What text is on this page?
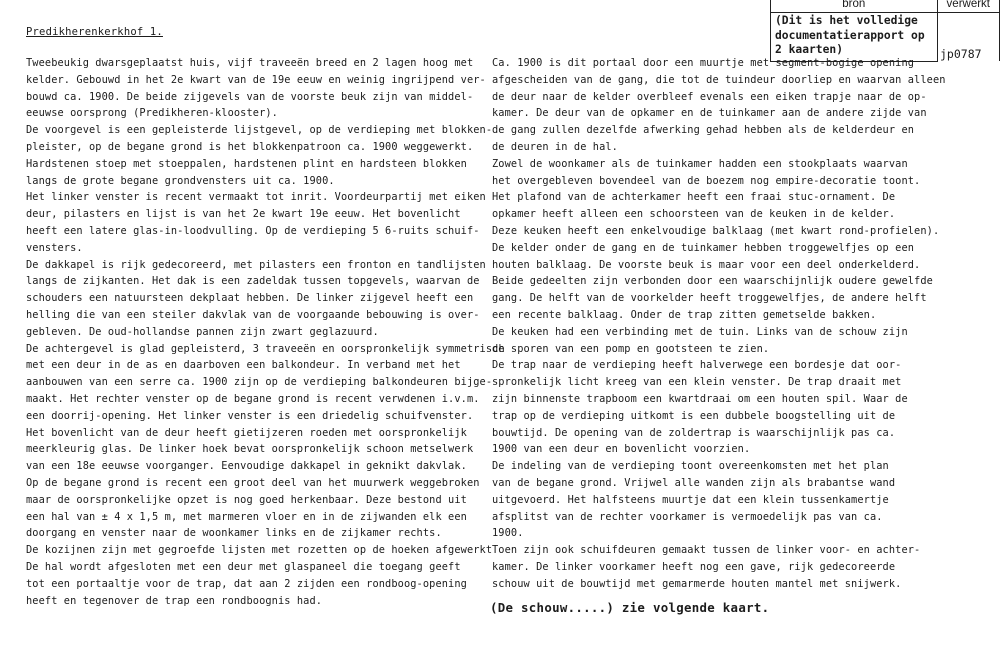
bron	verwerkt

(Dit is het volledige
documentatierapport op
2 kaarten)	
		jp0787
Predikherenkerkhof 1.
Tweebeukig dwarsgeplaatst huis, vijf traveeën breed en 2 lagen hoog met
kelder. Gebouwd in het 2e kwart van de 19e eeuw en weinig ingrijpend ver-
bouwd ca. 1900. De beide zijgevels van de voorste beuk zijn van middel-
eeuwse oorsprong (Predikheren-klooster).
De voorgevel is een gepleisterde lijstgevel, op de verdieping met blokken-
pleister, op de begane grond is het blokkenpatroon ca. 1900 weggewerkt.
Hardstenen stoep met stoeppalen, hardstenen plint en hardsteen blokken
langs de grote begane grondvensters uit ca. 1900.
Het linker venster is recent vermaakt tot inrit. Voordeurpartij met eiken
deur, pilasters en lijst is van het 2e kwart 19e eeuw. Het bovenlicht
heeft een latere glas-in-loodvulling. Op de verdieping 5 6-ruits schuif-
vensters.
De dakkapel is rijk gedecoreerd, met pilasters een fronton en tandlijsten
langs de zijkanten. Het dak is een zadeldak tussen topgevels, waarvan de
schouders een natuursteen dekplaat hebben. De linker zijgevel heeft een
helling die van een steiler dakvlak van de voorgaande bebouwing is over-
gebleven. De oud-hollandse pannen zijn zwart geglazuurd.
De achtergevel is glad gepleisterd, 3 traveeën en oorspronkelijk symmetrisch
met een deur in de as en daarboven een balkondeur. In verband met het
aanbouwen van een serre ca. 1900 zijn op de verdieping balkondeuren bijge-
maakt. Het rechter venster op de begane grond is recent verwdenen i.v.m.
een doorrij-opening. Het linker venster is een driedelig schuifvenster.
Het bovenlicht van de deur heeft gietijzeren roeden met oorspronkelijk
meerkleurig glas. De linker hoek bevat oorspronkelijk schoon metselwerk
van een 18e eeuwse voorganger. Eenvoudige dakkapel in geknikt dakvlak.
Op de begane grond is recent een groot deel van het muurwerk weggebroken
maar de oorspronkelijke opzet is nog goed herkenbaar. Deze bestond uit
een hal van ± 4 x 1,5 m, met marmeren vloer en in de zijwanden elk een
doorgang en venster naar de woonkamer links en de zijkamer rechts.
De kozijnen zijn met gegroefde lijsten met rozetten op de hoeken afgewerkt
De hal wordt afgesloten met een deur met glaspaneel die toegang geeft
tot een portaaltje voor de trap, dat aan 2 zijden een rondboog-opening
heeft en tegenover de trap een rondboognis had.
Ca. 1900 is dit portaal door een muurtje met segment-bogige opening
afgescheiden van de gang, die tot de tuindeur doorliep en waarvan alleen
de deur naar de kelder overbleef evenals een eiken trapje naar de op-
kamer. De deur van de opkamer en de tuinkamer aan de andere zijde van
de gang zullen dezelfde afwerking gehad hebben als de kelderdeur en
de deuren in de hal.
Zowel de woonkamer als de tuinkamer hadden een stookplaats waarvan
het overgebleven bovendeel van de boezem nog empire-decoratie toont.
Het plafond van de achterkamer heeft een fraai stuc-ornament. De
opkamer heeft alleen een schoorsteen van de keuken in de kelder.
Deze keuken heeft een enkelvoudige balklaag (met kwart rond-profielen).
De kelder onder de gang en de tuinkamer hebben troggewelfjes op een
houten balklaag. De voorste beuk is maar voor een deel onderkelderd.
Beide gedeelten zijn verbonden door een waarschijnlijk oudere gewelfde
gang. De helft van de voorkelder heeft troggewelfjes, de andere helft
een recente balklaag. Onder de trap zitten gemetselde bakken.
De keuken had een verbinding met de tuin. Links van de schouw zijn
de sporen van een pomp en gootsteen te zien.
De trap naar de verdieping heeft halverwege een bordesje dat oor-
spronkelijk licht kreeg van een klein venster. De trap draait met
zijn binnenste trapboom een kwartdraai om een houten spil. Waar de
trap op de verdieping uitkomt is een dubbele boogstelling uit de
bouwtijd. De opening van de zoldertrap is waarschijnlijk pas ca.
1900 van een deur en bovenlicht voorzien.
De indeling van de verdieping toont overeenkomsten met het plan
van de begane grond. Vrijwel alle wanden zijn als brabantse wand
uitgevoerd. Het halfsteens muurtje dat een klein tussenkamertje
afsplitst van de rechter voorkamer is vermoedelijk pas van ca.
1900.
Toen zijn ook schuifdeuren gemaakt tussen de linker voor- en achter-
kamer. De linker voorkamer heeft nog een gave, rijk gedecoreerde
schouw uit de bouwtijd met gemarmerde houten mantel met snijwerk.
(De schouw.....) zie volgende kaart.
